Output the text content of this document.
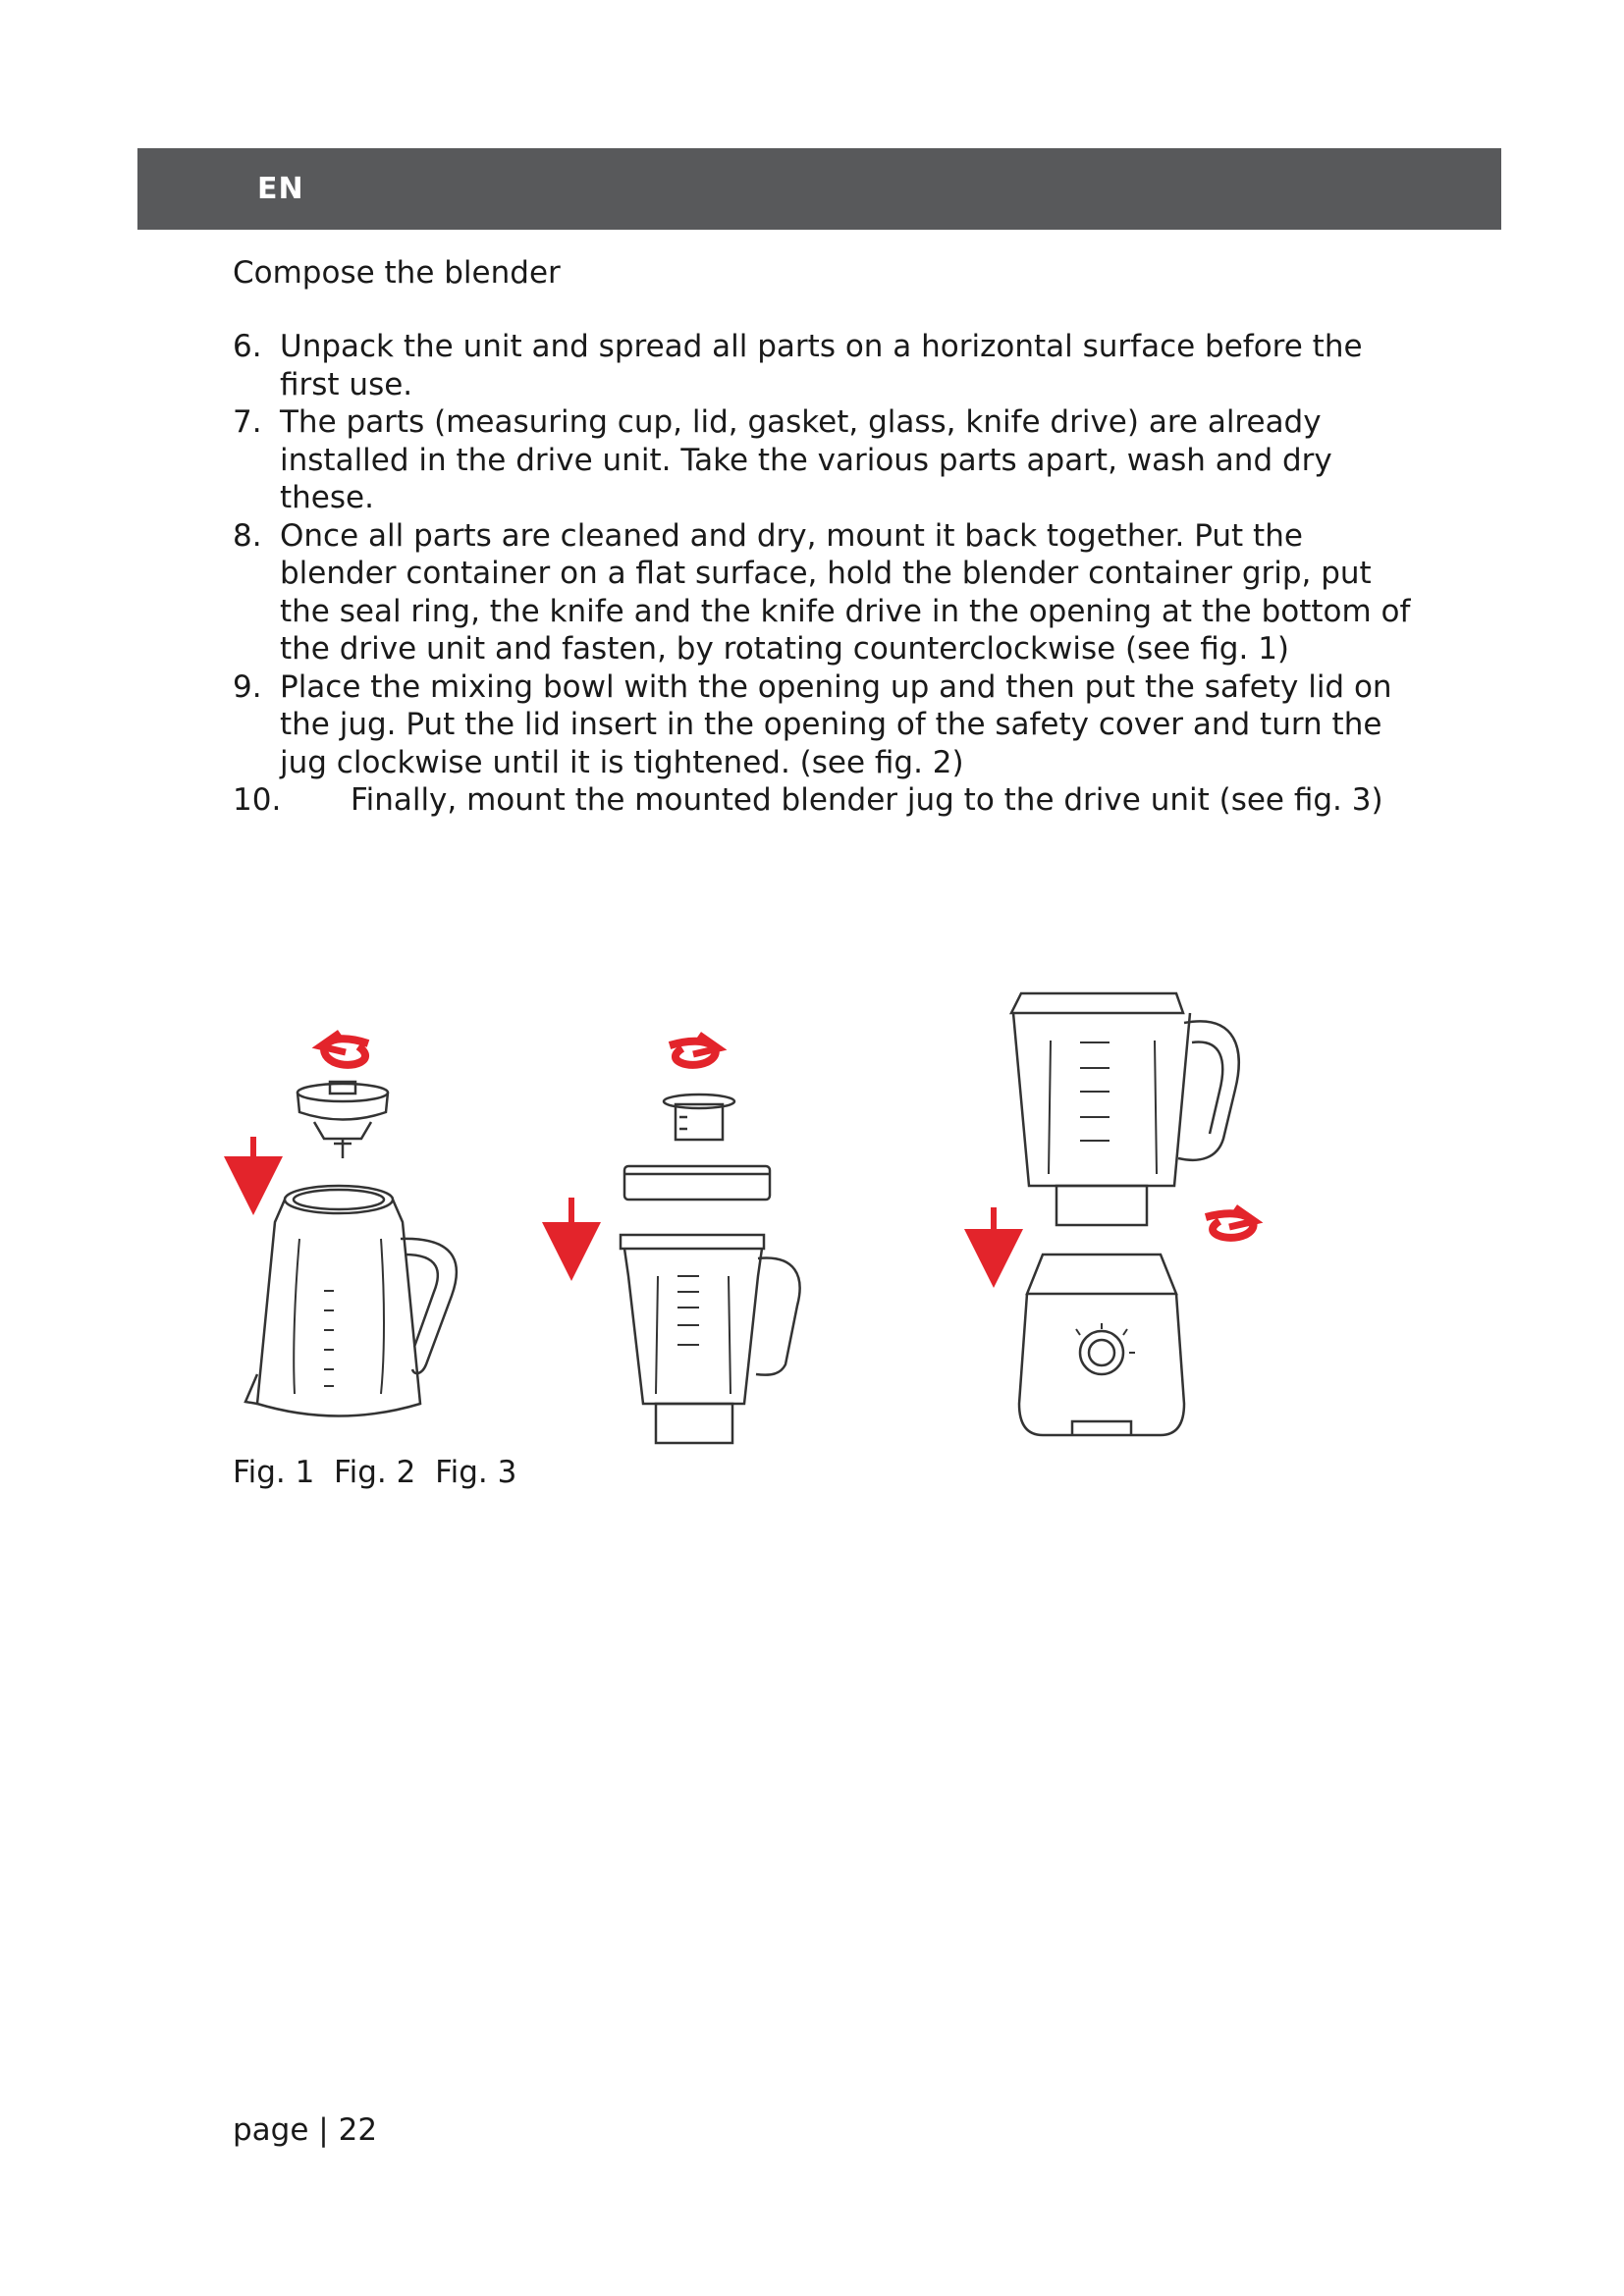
EN
Compose the blender
6. Unpack the unit and spread all parts on a horizontal surface before the first use.
7. The parts (measuring cup, lid, gasket, glass, knife drive) are already installed in the drive unit. Take the various parts apart, wash and dry these.
8. Once all parts are cleaned and dry, mount it back together. Put the blender container on a flat surface, hold the blender container grip, put the seal ring, the knife and the knife drive in the opening at the bottom of the drive unit and fasten, by rotating counterclockwise (see fig. 1)
9. Place the mixing bowl with the opening up and then put the safety lid on the jug. Put the lid insert in the opening of the safety cover and turn the jug clockwise until it is tightened. (see fig. 2)
10.	Finally, mount the mounted blender jug to the drive unit (see fig. 3)
Fig. 1 Fig. 2 Fig. 3
page | 22
